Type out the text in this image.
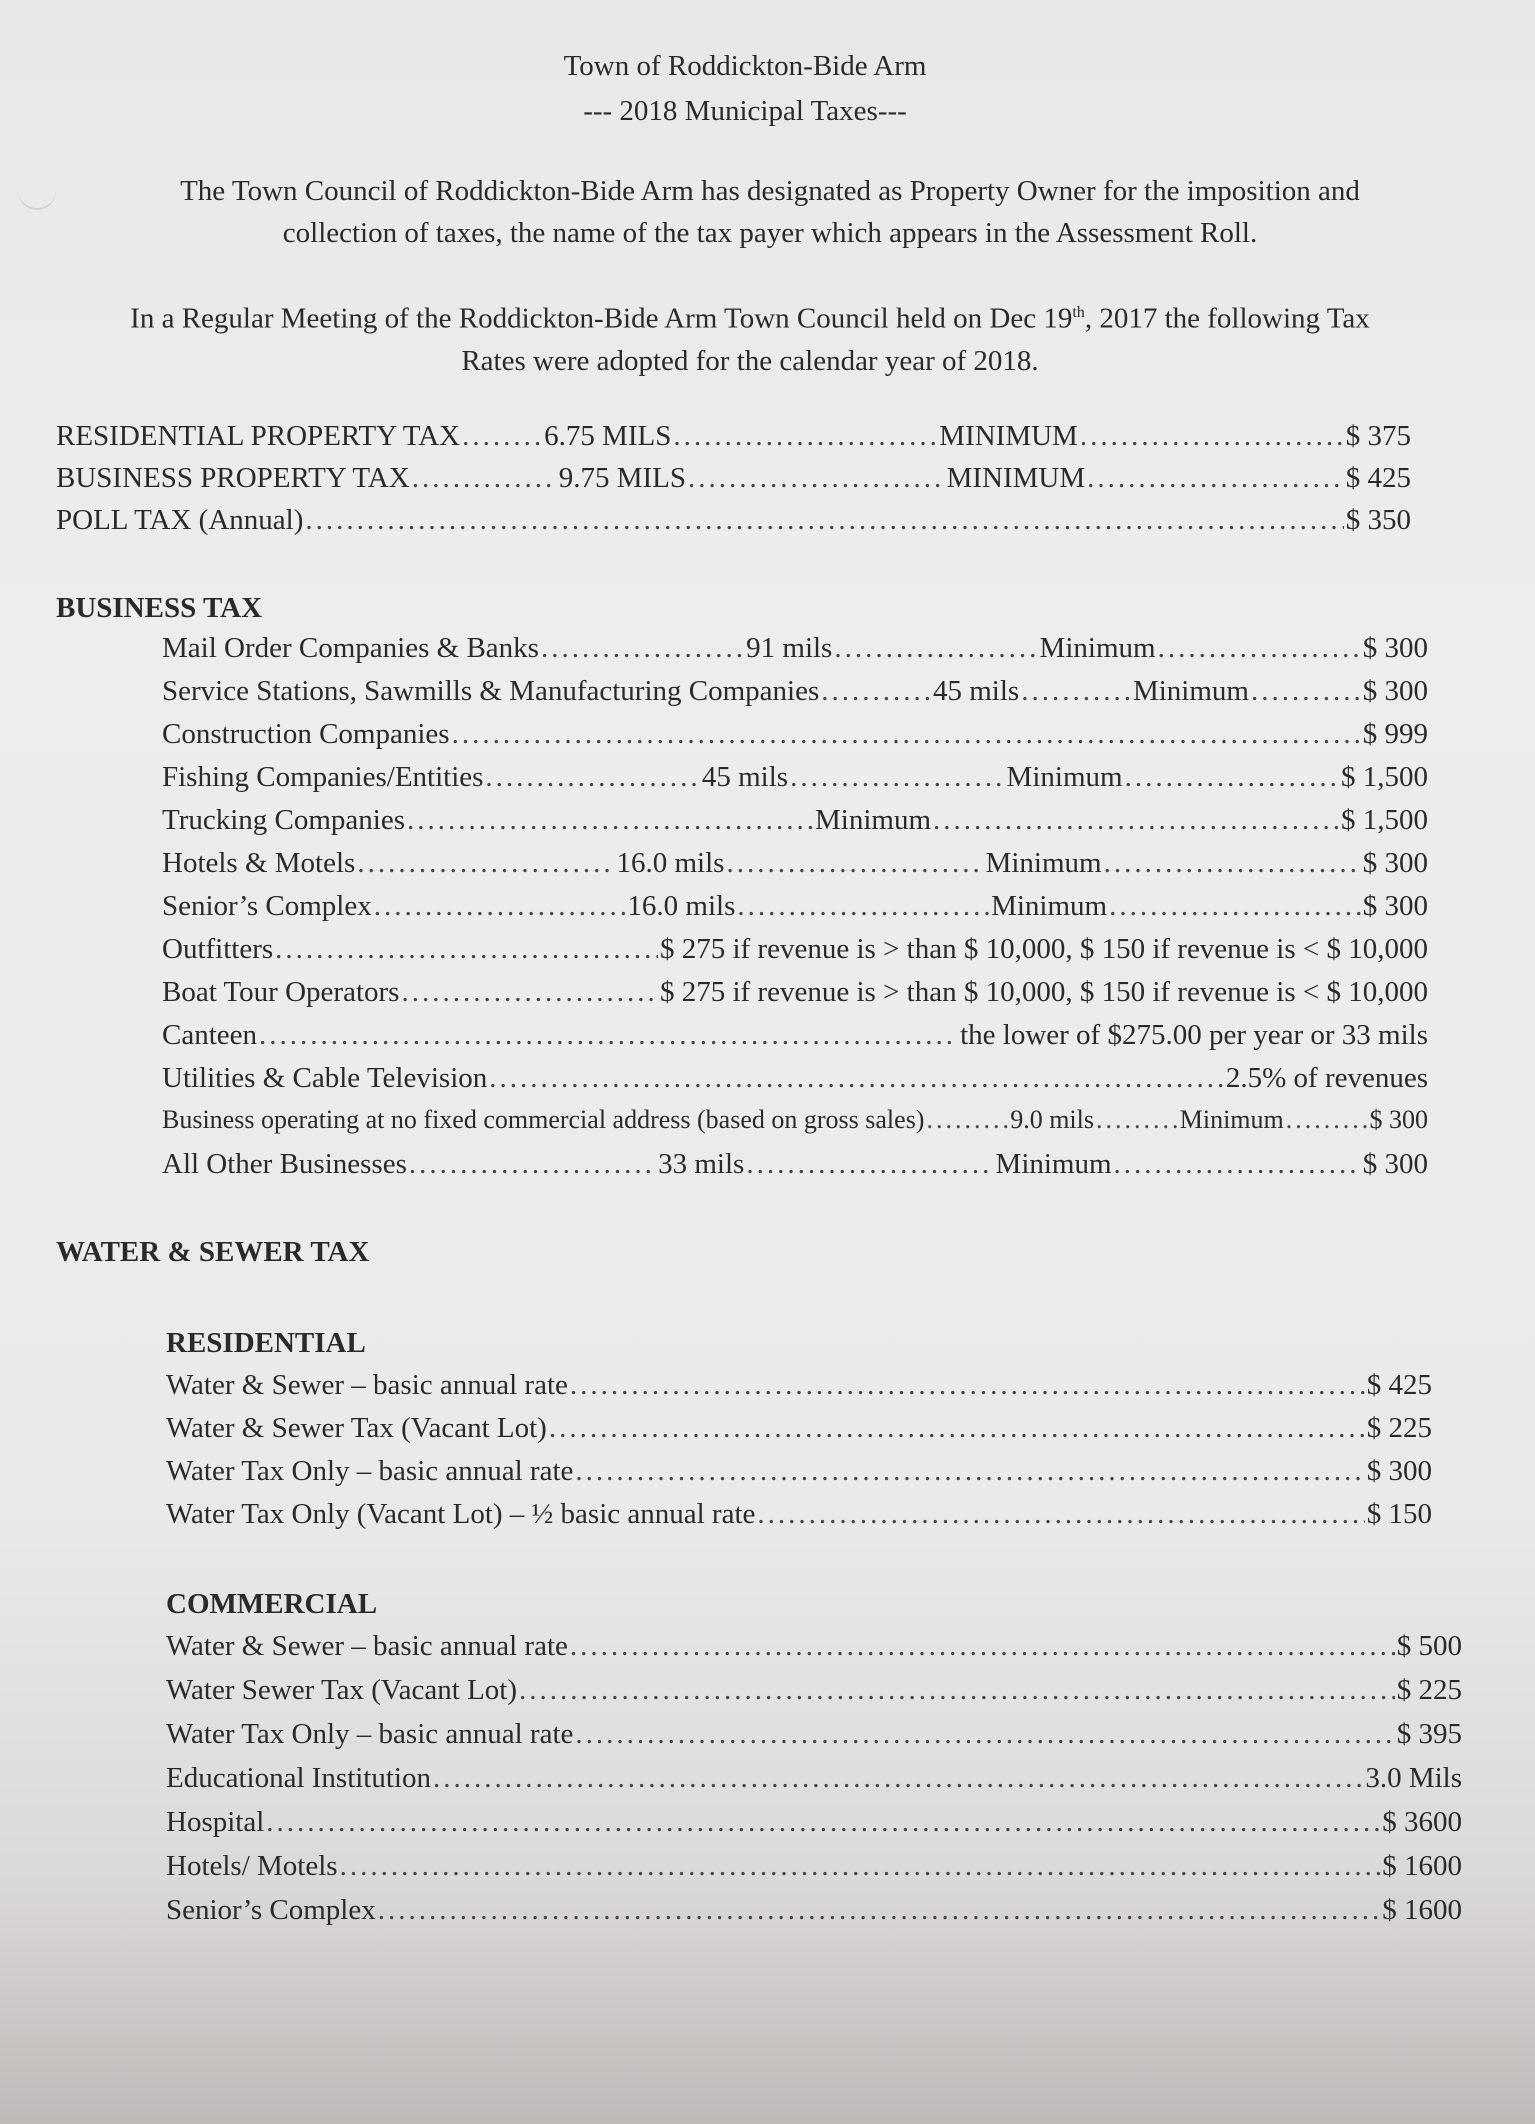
Town of Roddickton-Bide Arm
--- 2018 Municipal Taxes---
The Town Council of Roddickton-Bide Arm has designated as Property Owner for the imposition and
collection of taxes, the name of the tax payer which appears in the Assessment Roll.
In a Regular Meeting of the Roddickton-Bide Arm Town Council held on Dec 19th, 2017 the following Tax
Rates were adopted for the calendar year of 2018.
RESIDENTIAL PROPERTY TAX .....	6.75 MILS .....	MINIMUM .....	$ 375
BUSINESS PROPERTY TAX .....	9.75 MILS .....	MINIMUM .....	$ 425
POLL TAX (Annual) .....	$ 350
BUSINESS TAX
Mail Order Companies & Banks .....	91 mils .....	Minimum .....	$ 300
Service Stations, Sawmills & Manufacturing Companies .....	45 mils .....	Minimum .....	$ 300
Construction Companies .....	$ 999
Fishing Companies/Entities .....	45 mils .....	Minimum .....	$ 1,500
Trucking Companies .....	Minimum .....	$ 1,500
Hotels & Motels .....	16.0 mils .....	Minimum .....	$ 300
Senior’s Complex .....	16.0 mils .....	Minimum .....	$ 300
Outfitters .....	$ 275 if revenue is > than $ 10,000, $ 150 if revenue is < $ 10,000
Boat Tour Operators .....	$ 275 if revenue is > than $ 10,000, $ 150 if revenue is < $ 10,000
Canteen .....	the lower of $275.00 per year or 33 mils
Utilities & Cable Television .....	2.5% of revenues
Business operating at no fixed commercial address (based on gross sales) .....	9.0 mils .....	Minimum .....	$ 300
All Other Businesses .....	33 mils .....	Minimum .....	$ 300
WATER & SEWER TAX
RESIDENTIAL
Water & Sewer – basic annual rate .....	$ 425
Water & Sewer Tax (Vacant Lot) .....	$ 225
Water Tax Only – basic annual rate .....	$ 300
Water Tax Only (Vacant Lot) – ½ basic annual rate .....	$ 150
COMMERCIAL
Water & Sewer – basic annual rate .....	$ 500
Water Sewer Tax (Vacant Lot) .....	$ 225
Water Tax Only – basic annual rate .....	$ 395
Educational Institution .....	3.0 Mils
Hospital .....	$ 3600
Hotels/ Motels .....	$ 1600
Senior’s Complex .....	$ 1600
